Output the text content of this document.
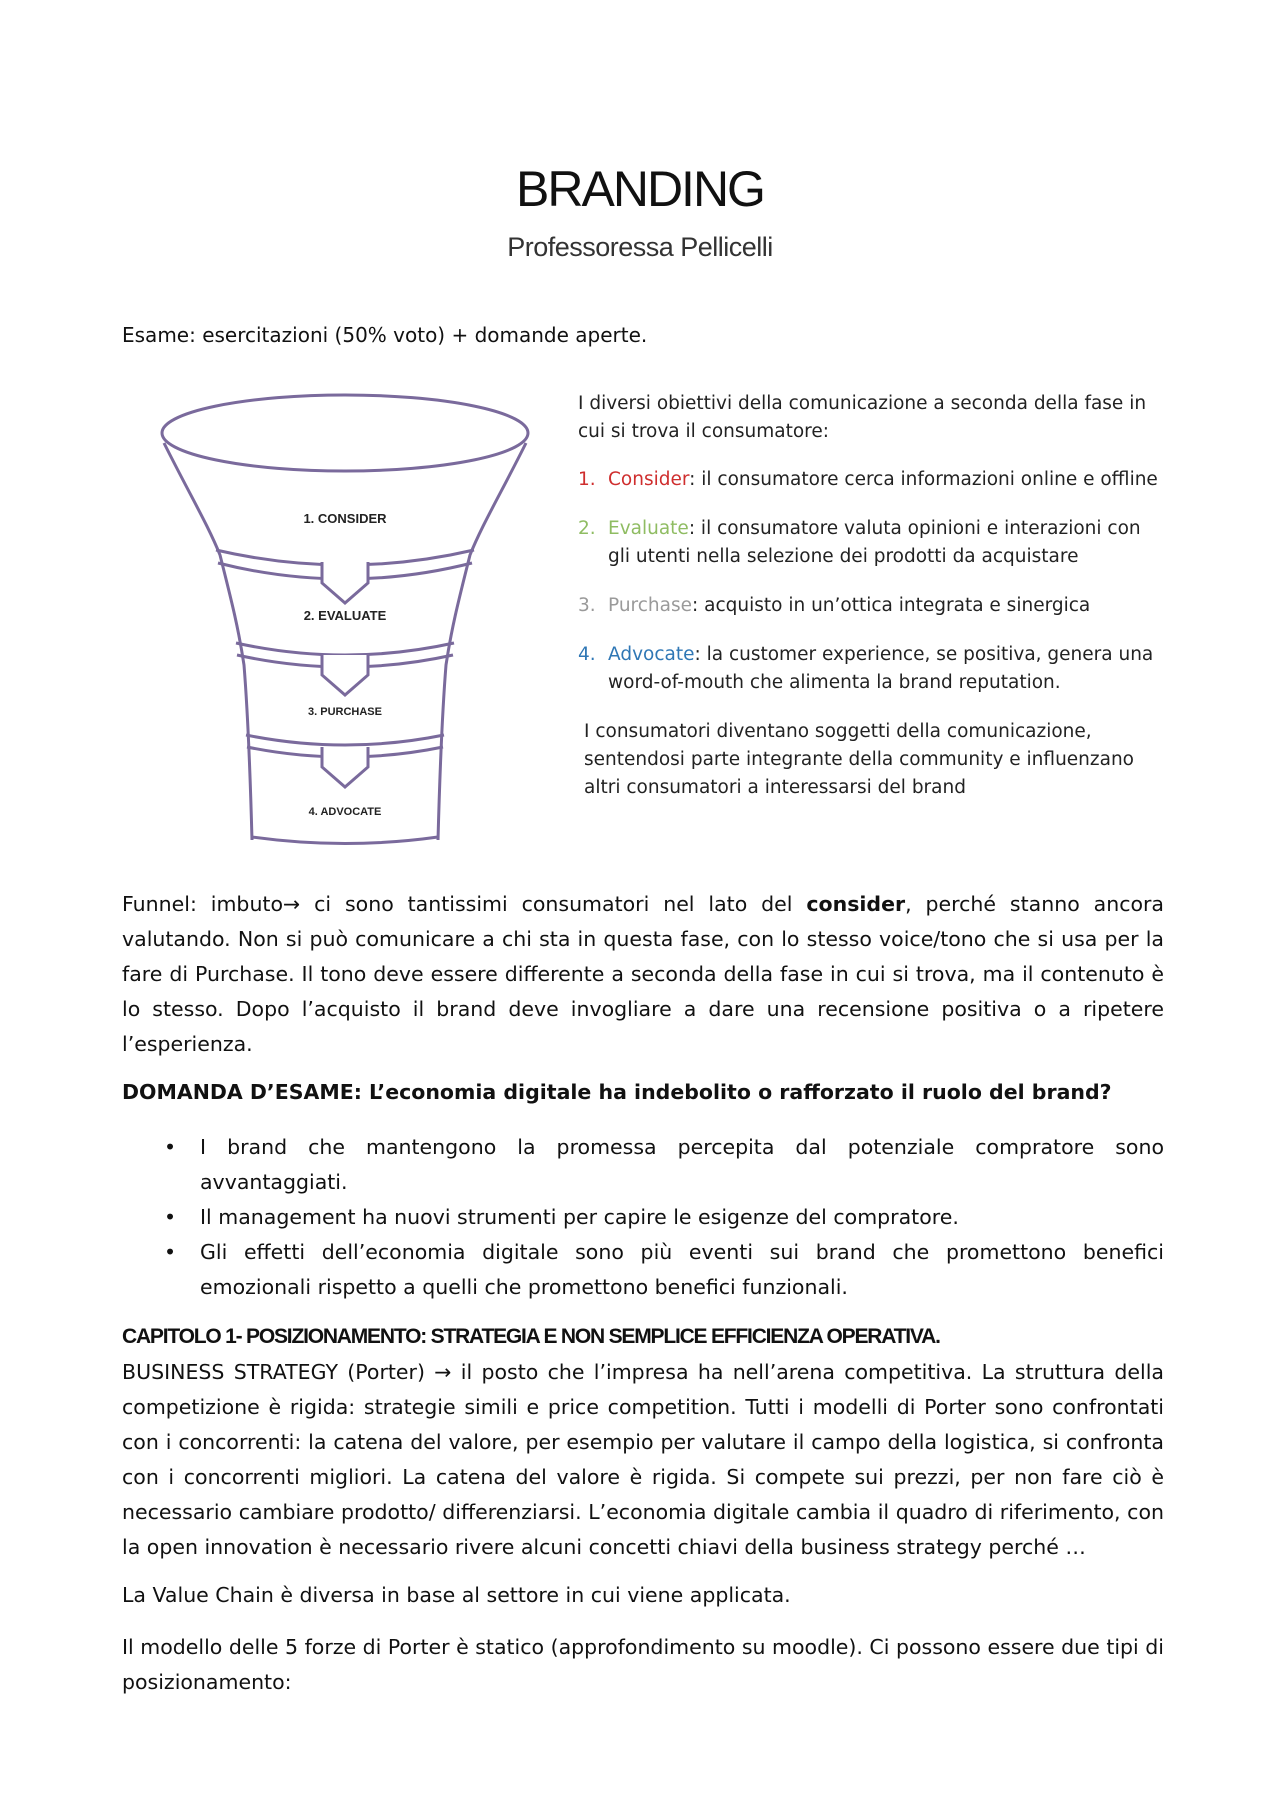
BRANDING

Professoressa Pellicelli

Esame: esercitazioni (50% voto) + domande aperte.

1. CONSIDER
2. EVALUATE
3. PURCHASE
4. ADVOCATE

I diversi obiettivi della comunicazione a seconda della fase in cui si trova il consumatore:

1. Consider: il consumatore cerca informazioni online e offline
2. Evaluate: il consumatore valuta opinioni e interazioni con gli utenti nella selezione dei prodotti da acquistare
3. Purchase: acquisto in un’ottica integrata e sinergica
4. Advocate: la customer experience, se positiva, genera una word-of-mouth che alimenta la brand reputation.

I consumatori diventano soggetti della comunicazione, sentendosi parte integrante della community e influenzano altri consumatori a interessarsi del brand

Funnel: imbuto→ ci sono tantissimi consumatori nel lato del consider, perché stanno ancora valutando. Non si può comunicare a chi sta in questa fase, con lo stesso voice/tono che si usa per la fare di Purchase. Il tono deve essere differente a seconda della fase in cui si trova, ma il contenuto è lo stesso. Dopo l’acquisto il brand deve invogliare a dare una recensione positiva o a ripetere l’esperienza.

DOMANDA D’ESAME: L’economia digitale ha indebolito o rafforzato il ruolo del brand?

• I brand che mantengono la promessa percepita dal potenziale compratore sono avvantaggiati.
• Il management ha nuovi strumenti per capire le esigenze del compratore.
• Gli effetti dell’economia digitale sono più eventi sui brand che promettono benefici emozionali rispetto a quelli che promettono benefici funzionali.
CAPITOLO 1- POSIZIONAMENTO: STRATEGIA E NON SEMPLICE EFFICIENZA OPERATIVA.

BUSINESS STRATEGY (Porter) → il posto che l’impresa ha nell’arena competitiva. La struttura della competizione è rigida: strategie simili e price competition. Tutti i modelli di Porter sono confrontati con i concorrenti: la catena del valore, per esempio per valutare il campo della logistica, si confronta con i concorrenti migliori. La catena del valore è rigida. Si compete sui prezzi, per non fare ciò è necessario cambiare prodotto/ differenziarsi. L’economia digitale cambia il quadro di riferimento, con la open innovation è necessario rivere alcuni concetti chiavi della business strategy perché …

La Value Chain è diversa in base al settore in cui viene applicata.

Il modello delle 5 forze di Porter è statico (approfondimento su moodle). Ci possono essere due tipi di posizionamento:
